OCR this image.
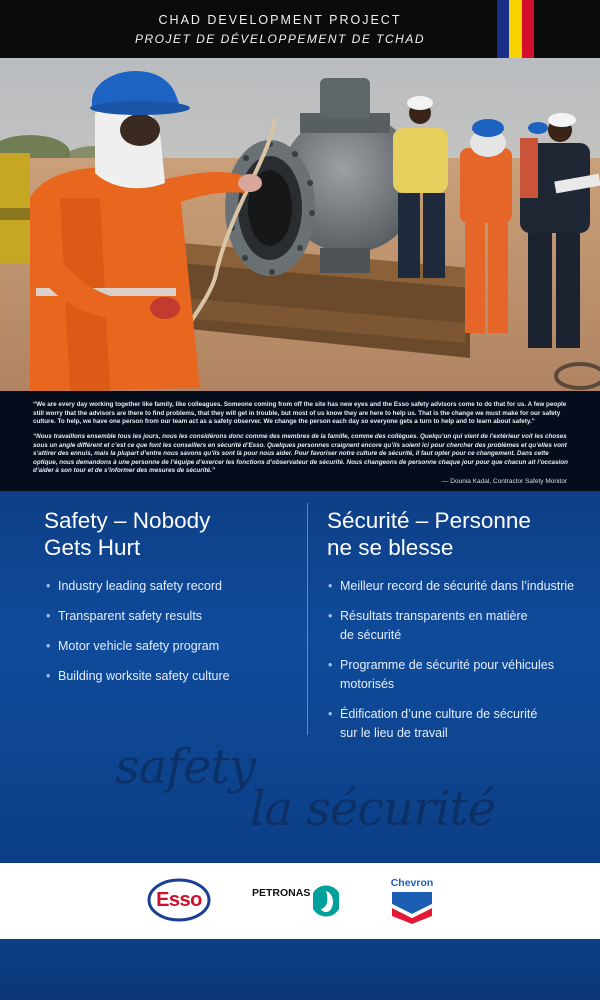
CHAD DEVELOPMENT PROJECT
PROJET DE DÉVELOPPEMENT DE TCHAD

“We are every day working together like family, like colleagues. Someone coming from off the site has new eyes and the Esso safety advisors come to do that for us. A few people still worry that the advisors are there to find problems, that they will get in trouble, but most of us know they are here to help us. That is the change we must make for our safety culture. To help, we have one person from our team act as a safety observer. We change the person each day so everyone gets a turn to help and to learn about safety.”

“Nous travaillons ensemble tous les jours, nous les considérons donc comme des membres de la famille, comme des collègues. Quelqu’un qui vient de l’extérieur voit les choses sous un angle différent et c’est ce que font les conseillers en sécurité d’Esso. Quelques personnes craignent encore qu’ils soient ici pour chercher des problèmes et qu’elles vont s’attirer des ennuis, mais la plupart d’entre nous savons qu’ils sont là pour nous aider. Pour favoriser notre culture de sécurité, il faut opter pour ce changement. Dans cette optique, nous demandons à une personne de l’équipe d’exercer les fonctions d’observateur de sécurité. Nous changeons de personne chaque jour pour que chacun ait l’occasion d’aider à son tour et de s’informer des mesures de sécurité.”

— Dounia Kadal, Contractor Safety Monitor

Safety – Nobody
Gets Hurt
• Industry leading safety record
• Transparent safety results
• Motor vehicle safety program
• Building worksite safety culture
Sécurité – Personne
ne se blesse
• Meilleur record de sécurité dans l’industrie
• Résultats transparents en matière
de sécurité
• Programme de sécurité pour véhicules
motorisés
• Édification d’une culture de sécurité
sur le lieu de travail

safety

la sécurité

Esso	PETRONAS
Chevron
